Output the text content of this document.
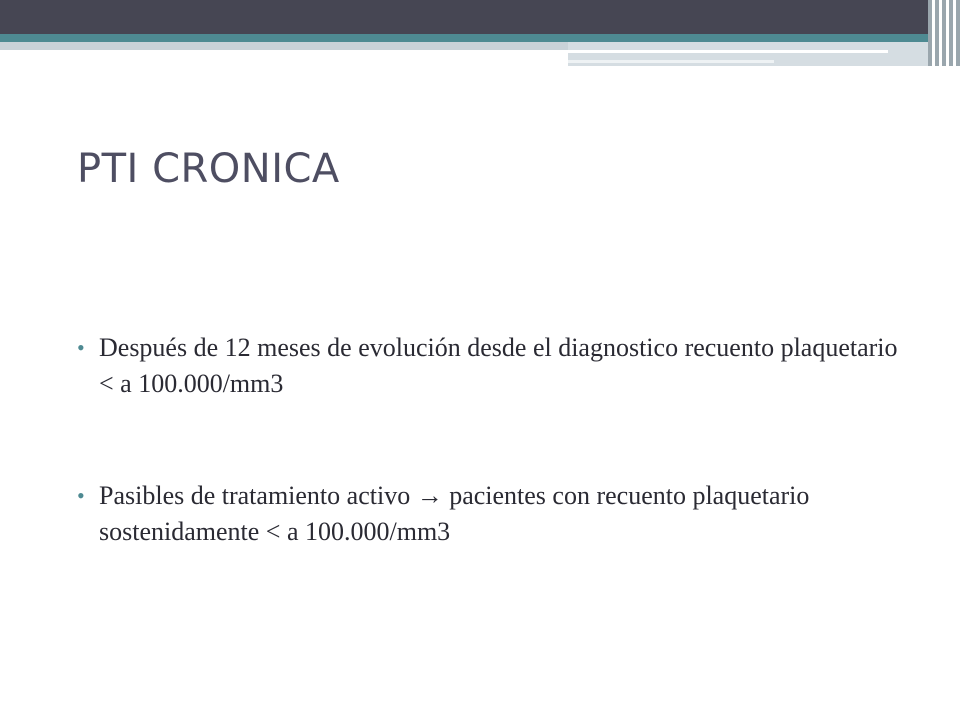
PTI CRONICA
• Después de 12 meses de evolución desde el diagnostico recuento plaquetario < a 100.000/mm3
• Pasibles de tratamiento activo → pacientes con recuento plaquetario sostenidamente < a 100.000/mm3
